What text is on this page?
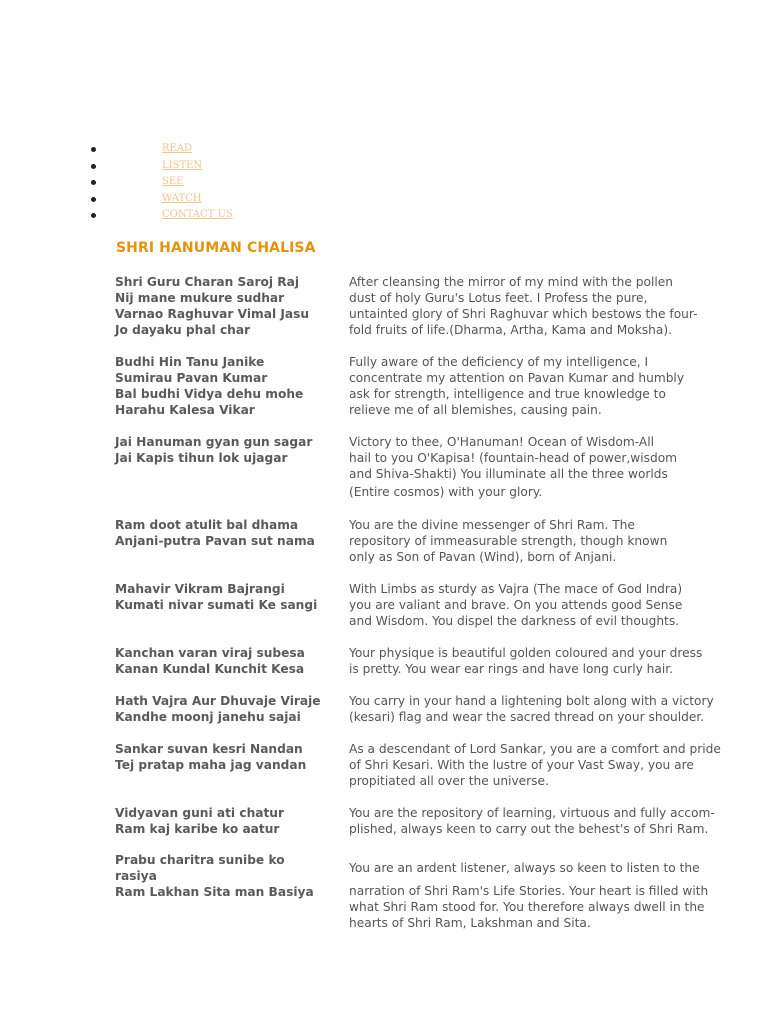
READ
LISTEN
SEE
WATCH
CONTACT US
SHRI HANUMAN CHALISA
Shri Guru Charan Saroj Raj
Nij mane mukure sudhar
Varnao Raghuvar Vimal Jasu
Jo dayaku phal char
After cleansing the mirror of my mind with the pollen
dust of holy Guru's Lotus feet. I Profess the pure,
untainted glory of Shri Raghuvar which bestows the four-
fold fruits of life.(Dharma, Artha, Kama and Moksha).
Budhi Hin Tanu Janike
Sumirau Pavan Kumar
Bal budhi Vidya dehu mohe
Harahu Kalesa Vikar
Fully aware of the deficiency of my intelligence, I
concentrate my attention on Pavan Kumar and humbly
ask for strength, intelligence and true knowledge to
relieve me of all blemishes, causing pain.
Jai Hanuman gyan gun sagar
Jai Kapis tihun lok ujagar
Victory to thee, O'Hanuman! Ocean of Wisdom-All
hail to you O'Kapisa! (fountain-head of power,wisdom
and Shiva-Shakti) You illuminate all the three worlds
(Entire cosmos) with your glory.
Ram doot atulit bal dhama
Anjani-putra Pavan sut nama
You are the divine messenger of Shri Ram. The
repository of immeasurable strength, though known
only as Son of Pavan (Wind), born of Anjani.
Mahavir Vikram Bajrangi
Kumati nivar sumati Ke sangi
With Limbs as sturdy as Vajra (The mace of God Indra)
you are valiant and brave. On you attends good Sense
and Wisdom. You dispel the darkness of evil thoughts.
Kanchan varan viraj subesa
Kanan Kundal Kunchit Kesa
Your physique is beautiful golden coloured and your dress
is pretty. You wear ear rings and have long curly hair.
Hath Vajra Aur Dhuvaje Viraje
Kandhe moonj janehu sajai
You carry in your hand a lightening bolt along with a victory
(kesari) flag and wear the sacred thread on your shoulder.
Sankar suvan kesri Nandan
Tej pratap maha jag vandan
As a descendant of Lord Sankar, you are a comfort and pride
of Shri Kesari. With the lustre of your Vast Sway, you are
propitiated all over the universe.
Vidyavan guni ati chatur
Ram kaj karibe ko aatur
You are the repository of learning, virtuous and fully accom-
plished, always keen to carry out the behest's of Shri Ram.
Prabu charitra sunibe ko
rasiya
Ram Lakhan Sita man Basiya
You are an ardent listener, always so keen to listen to the
narration of Shri Ram's Life Stories. Your heart is filled with
what Shri Ram stood for. You therefore always dwell in the
hearts of Shri Ram, Lakshman and Sita.
